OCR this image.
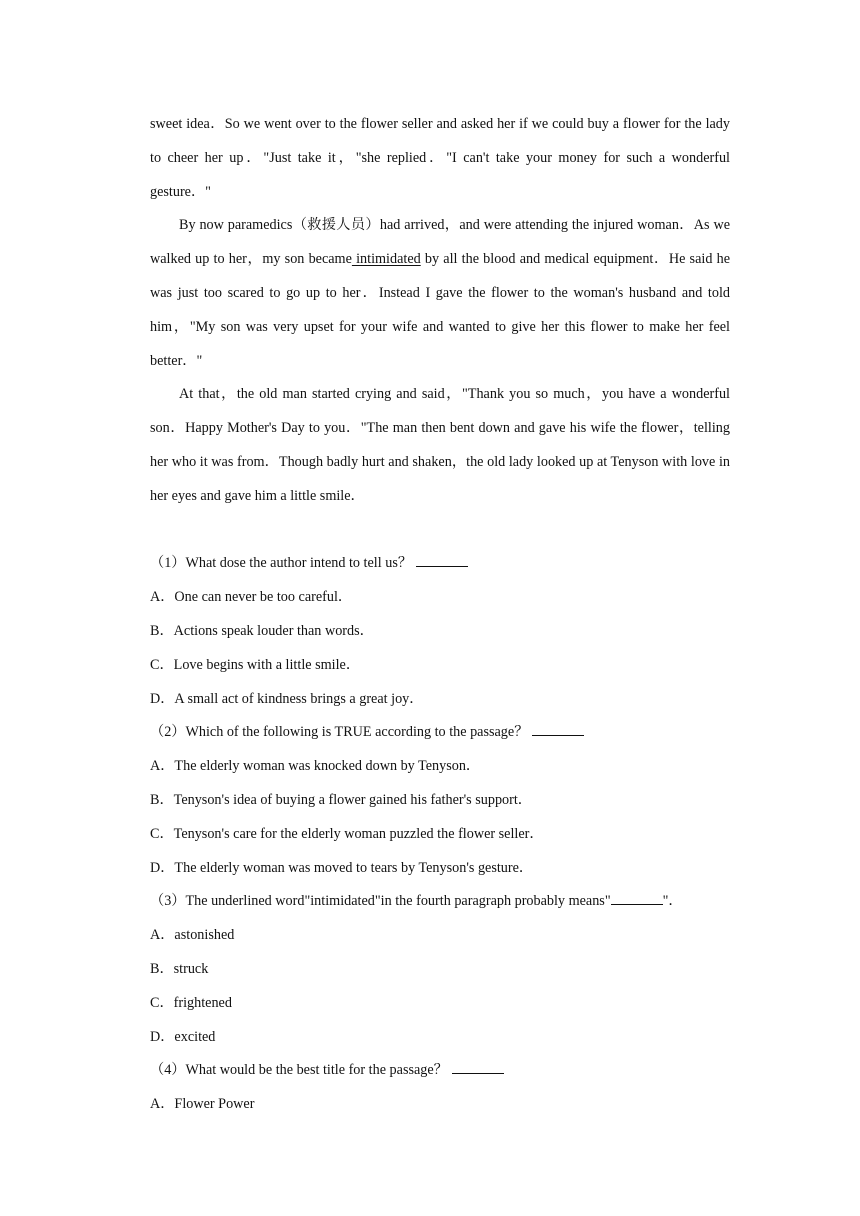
sweet idea．So we went over to the flower seller and asked her if we could buy a flower for the lady to cheer her up．"Just take it，"she replied．"I can't take your money for such a wonderful gesture．"

By now paramedics（救援人员）had arrived，and were attending the injured woman．As we walked up to her，my son became intimidated by all the blood and medical equipment．He said he was just too scared to go up to her．Instead I gave the flower to the woman's husband and told him，"My son was very upset for your wife and wanted to give her this flower to make her feel better．"

At that，the old man started crying and said，"Thank you so much，you have a wonderful son．Happy Mother's Day to you．"The man then bent down and gave his wife the flower，telling her who it was from．Though badly hurt and shaken，the old lady looked up at Tenyson with love in her eyes and gave him a little smile．

（1）What dose the author intend to tell us？

A．One can never be too careful．

B．Actions speak louder than words．

C．Love begins with a little smile．

D．A small act of kindness brings a great joy．

（2）Which of the following is TRUE according to the passage？

A．The elderly woman was knocked down by Tenyson．

B．Tenyson's idea of buying a flower gained his father's support．

C．Tenyson's care for the elderly woman puzzled the flower seller．

D．The elderly woman was moved to tears by Tenyson's gesture．

（3）The underlined word"intimidated"in the fourth paragraph probably means"	"．

A．astonished

B．struck

C．frightened

D．excited

（4）What would be the best title for the passage？

A．Flower Power
